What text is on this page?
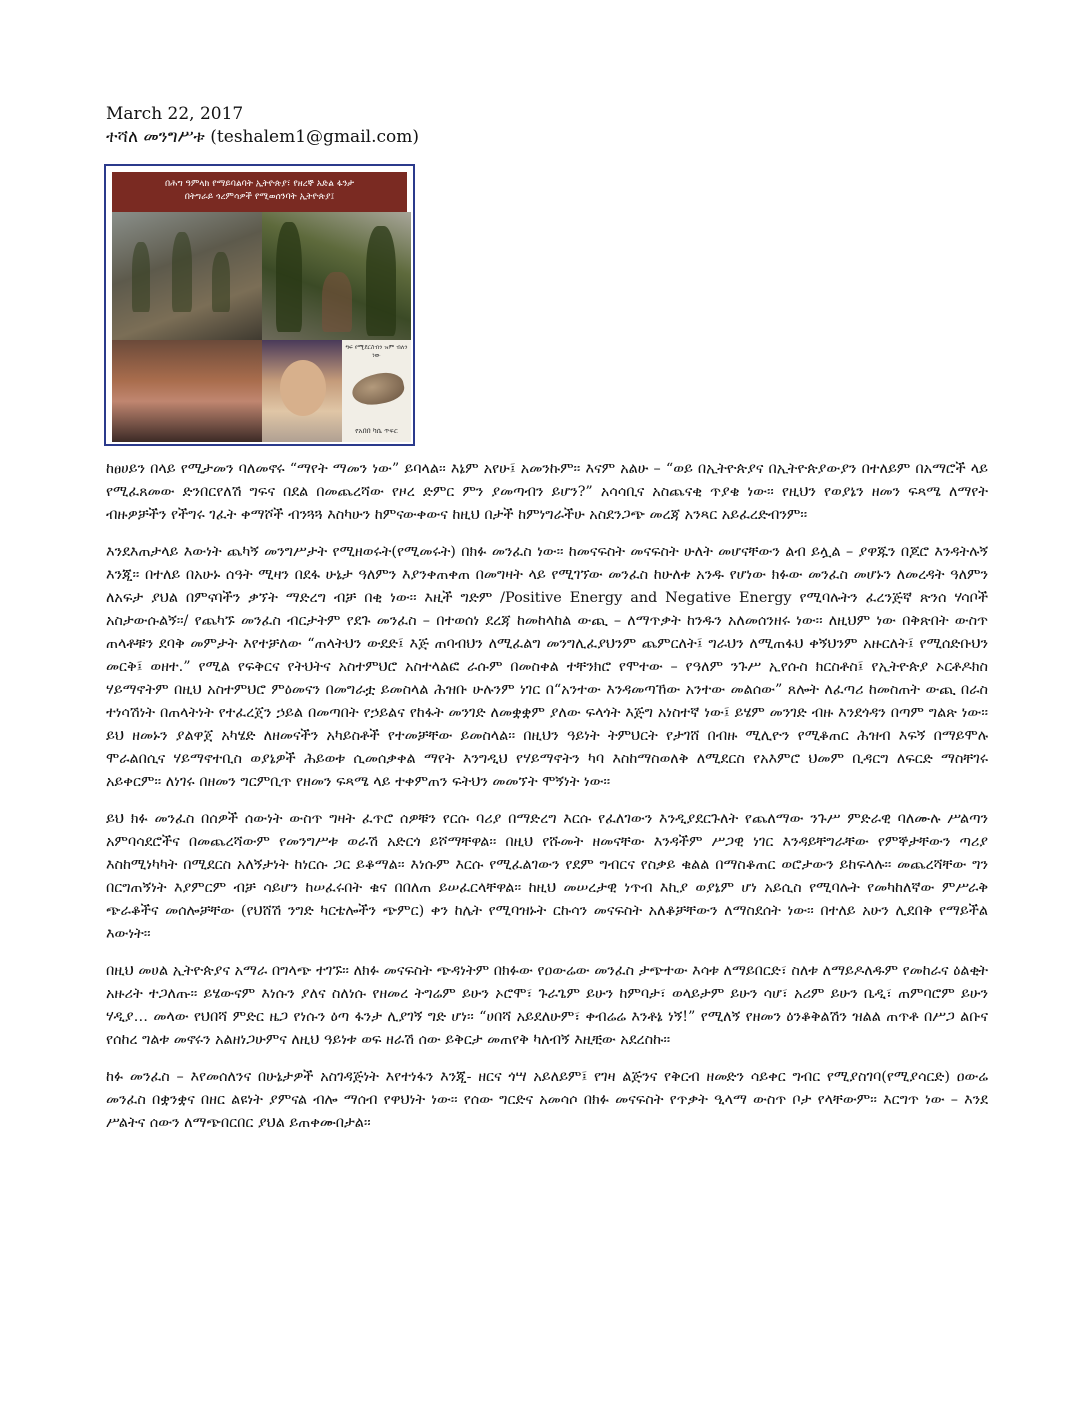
March 22, 2017
ተሻለ መንግሥቱ (teshalem1@gmail.com)
በሕግ ዓምላክ የማይባልባት ኢትዮጵያ፣ የዘረኞ አድል ፋንታ
በትግራይ ጎረምሳዎች የሚወሰንባት ኢትዮጵያ፤
ግፍ የሚደርስብን ዝም ብለን ነው
የአበበ ካሴ ጥፍር

ከፀሀይን በላይ የሚታመን ባለመኖሩ “ማየት ማመን ነው” ይባላል፡፡ እኔም አየሁ፤ አመንኩም፡፡ እናም አልሁ – “ወይ በኢትዮጵያና በኢትዮጵያውያን በተለይም በአማሮች ላይ የሚፈጸመው ድንበርየለሽ ግፍና በደል በመጨረሻው የዞረ ድምር ምን ያመጣብን ይሆን?” አሳሳቢና አስጨናቂ ጥያቄ ነው፡፡ የዚህን የወያኔን ዘመን ፍጻሜ ለማየት ብዙዎቻችን የችግሩ ገፈት ቀማሾች ብንጓጓ እስካሁን ከምናውቀውና ከዚህ በታች ከምነግራችሁ አስደንጋጭ መረጃ አንጻር አይፈረድብንም፡፡

እንደእጠታላይ እውነት ጨካኝ መንግሥታት የሚዘወሩት(የሚመሩት) በክፉ መንፈስ ነው፡፡ ከመናፍስት መናፍስት ሁለት መሆናቸውን ልብ ይሏል – ያዋጁን በጆሮ እንዳትሉኝ እንጂ፡፡ በተለይ በአሁኑ ሰዓት ሚዛን በደፋ ሁኔታ ዓለምን እያንቀጠቀጠ በመግዛት ላይ የሚገኘው መንፈስ ከሁለቱ አንዱ የሆነው ክፉው መንፈስ መሆኑን ለመረዳት ዓለምን ለአፍታ ያህል በምናባችን ቃኘት ማድረግ ብቻ በቂ ነው፡፡ እዚች ግድም /Positive Energy and Negative Energy የሚባሉትን ፈረንጅኛ ጽንሰ ሃሳቦች አስታውሱልኝ፡፡/ የጨካኙ መንፈስ ብርታትም የደጉ መንፈስ – በተወሰነ ደረጃ ከመከላከል ውጪ – ለማጥቃት ከንዱን አለመሰንዘሩ ነው፡፡ ለዚህም ነው በቅጽበት ውስጥ ጠላቶቹን ደባቅ መምታት እየተቻለው “ጠላትህን ውደድ፤ እጅ ጠባብህን ለሚፈልግ መንግሊፈያህንም ጨምርለት፤ ግራህን ለሚጠፋህ ቀኝህንም አዙርለት፤ የሚሰድቡህን መርቅ፤ ወዘተ.” የሚል የፍቅርና የትህትና አስተምህሮ አስተላልፎ ራሱም በመስቀል ተቸንክሮ የሞተው – የዓለም ንጉሥ ኢየሱስ ክርስቶስ፤ የኢትዮጵያ ኦርቶዶክስ ሃይማኖትም በዚህ አስተምህሮ ምዕመናን በመግራቷ ይመስላል ሕዝቡ ሁሉንም ነገር በ“አንተው እንዳመጣኸው አንተው መልሰው” ጸሎት ለፈጣሪ ከመስጠት ውጪ በራስ ተነሳሽነት በጠላትነት የተፈረጀን ኃይል በመጣበት የኃይልና የከፋት መንገድ ለመቋቋም ያለው ፍላጎት እጅግ አነስተኛ ነው፤ ይሄም መንገድ ብዙ እንደጎዳን በጣም ግልጽ ነው፡፡ ይህ ዘመኑን ያልዋጀ አካሄድ ለዘመናችን አካይስቶች የተመቻቸው ይመስላል፡፡ በዚህን ዓይነት ትምህርት የታገሸ በብዙ ሚሊዮን የሚቆጠር ሕዝብ እፍኝ በማይሞሉ ሞራልበሲና ሃይማኖተቢስ ወያኔዎች ሕይወቱ ሲመሰቃቀል ማየት እንግዲህ የሃይማኖትን ካባ እስከማስወለቅ ለሚደርስ የአእምሮ ህመም ቢዳርግ ለፍርድ ማስቸገሩ አይቀርም፡፡ ለነገሩ በዘመን ግርምቢጥ የዘመን ፍጻሜ ላይ ተቀምጠን ፍትህን መመኘት ሞኝነት ነው፡፡

ይህ ክፉ መንፈስ በሰዎች ሰውነት ውስጥ ግዛት ፈጥሮ ሰዎቹን የርሱ ባሪያ በማድረግ እርሱ የፈለገውን እንዲያደርጉለት የጨለማው ንጉሥ ምድራዊ ባለሙሉ ሥልጣን አምባሳደሮችና በመጨረሻውም የመንግሥቱ ወራሽ አድርጎ ይሾማቸዋል፡፡ በዚህ የሹመት ዘመናቸው እንዳችም ሥጋዊ ነገር እንዳይቸግራቸው የምኞታቸውን ጣሪያ እስከሚነካካት በሚደርስ አለኝታነት ከነርሱ ጋር ይቆማል፡፡ እነሱም እርሱ የሚፈልገውን የደም ግብርና የስቃይ ቁልል በማስቆጠር ወሮታውን ይከፍላሉ፡፡ መጨረሻቸው ግን በርግጠኝነት እያምርም ብቻ ሳይሆን ከሠፈሩበት ቁና በበለጠ ይሠፈርላቸዋል፡፡ ከዚህ መሠረታዊ ነጥብ እኪያ ወያኔም ሆነ አይሲስ የሚባሉት የመካከለኛው ምሥራቅ ጭራቆችና መሰሎቻቸው (የህሸሽ ንግድ ካርቴሎችን ጭምር) ቀን ከሌት የሚባዝኑት ርኩሳን መናፍስት አለቆቻቸውን ለማስደሰት ነው፡፡ በተለይ አሁን ሊደበቅ የማይችል እውነት፡፡

በዚህ መሀል ኢትዮጵያና አማራ በግላጭ ተገኙ፡፡ ለክፉ መናፍስት ጭዳነትም በክፉው የዐውሬው መንፈስ ታጭተው እሳቱ ለማይበርድ፣ ስለቱ ለማይዶለዱም የመከራና ዕልቂት አዙሪት ተጋለጡ፡፡ ይሄውናም እነሱን ያለና ስለነሱ የዘመረ ትግሬም ይሁን ኦሮሞ፣ ጉራጌም ይሁን ከምባታ፣ ወላይታም ይሁን ሳሆ፣ አሪም ይሁን ቤዲ፣ ጠምባሮም ይሁን ሃዲያ… መላው የህበሻ ምድር ዜጋ የነሱን ዕጣ ፋንታ ሊያገኝ ግድ ሆነ፡፡ “ሀበሻ አይደለሁም፣ ቀብሬሬ እንቶኔ ነኝ!” የሚለኝ የዘመን ዕንቆቅልሽን ዝልል ጠጥቶ በሥጋ ልቡና የሰከረ ግልቱ መኖሩን አልዘነጋሁምና ለዚህ ዓይነቱ ወፍ ዘራሽ ሰው ይቅርታ መጠየቅ ካለብኝ እዚቺው አደረስኩ፡፡

ከፉ መንፈስ – እየመሰለንና በሁኔታዎች አስገዳጅነት እየተነፋን እንጂ- ዘርና ጎሣ አይለይም፤ የገዛ ልጅንና የቅርብ ዘመድን ሳይቀር ግብር የሚያስገባ(የሚያሳርድ) ዐውሬ መንፈስ በቋንቋና በዘር ልዩነት ያምናል ብሎ ማሰብ የዋህነት ነው፡፡ የሰው ግርድና አመሳሶ በክፉ መናፍስት የጥቃት ዒላማ ውስጥ ቦታ የላቸውም፡፡ እርግጥ ነው – እንደ ሥልትና ሰውን ለማጭበርበር ያህል ይጠቀሙበታል፡፡
